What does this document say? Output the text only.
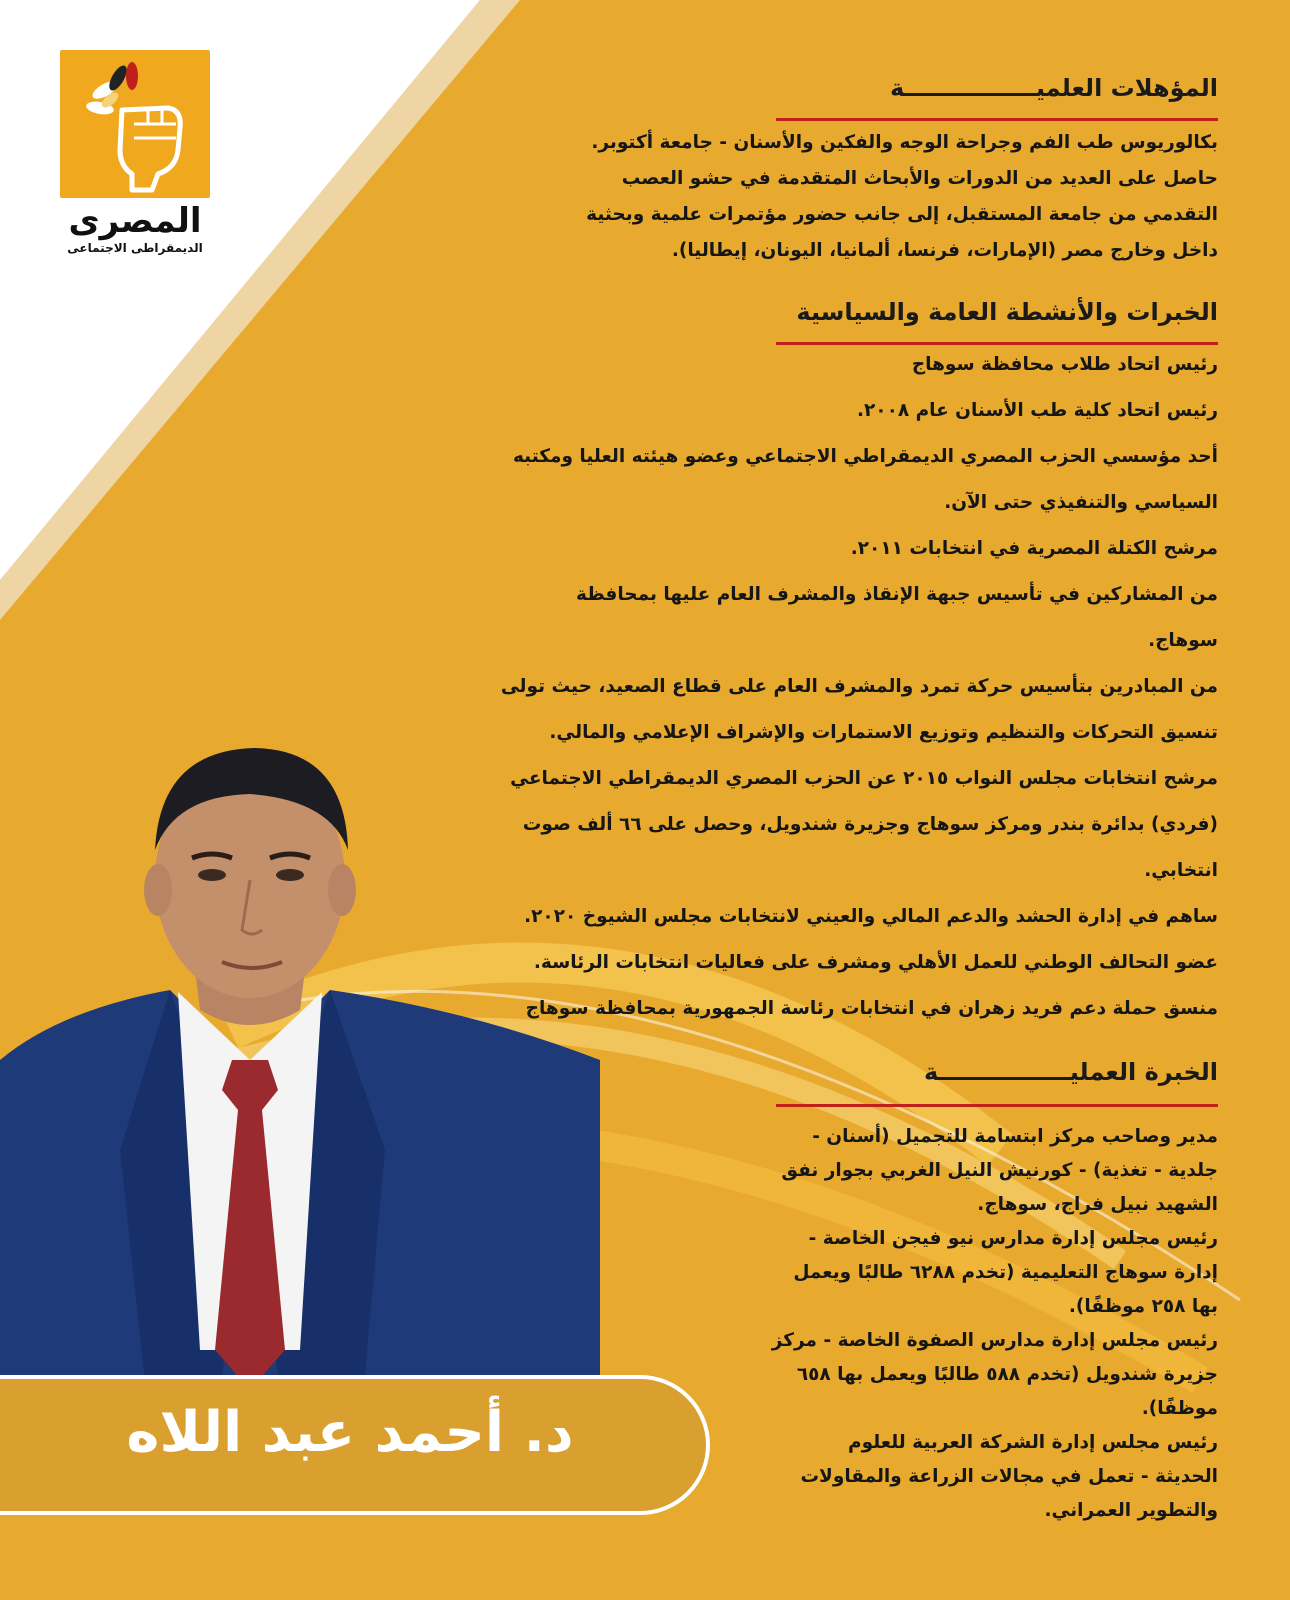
المصرى
الديمقراطى الاجتماعى
المؤهلات العلميــــــــــــــــة
بكالوريوس طب الفم وجراحة الوجه والفكين والأسنان - جامعة أكتوبر.
حاصل على العديد من الدورات والأبحاث المتقدمة في حشو العصب
التقدمي من جامعة المستقبل، إلى جانب حضور مؤتمرات علمية وبحثية
داخل وخارج مصر (الإمارات، فرنسا، ألمانيا، اليونان، إيطاليا).
الخبرات والأنشطة العامة والسياسية
رئيس اتحاد طلاب محافظة سوهاج
رئيس اتحاد كلية طب الأسنان عام ٢٠٠٨.
أحد مؤسسي الحزب المصري الديمقراطي الاجتماعي وعضو هيئته العليا ومكتبه
السياسي والتنفيذي حتى الآن.
مرشح الكتلة المصرية في انتخابات ٢٠١١.
من المشاركين في تأسيس جبهة الإنقاذ والمشرف العام عليها بمحافظة
سوهاج.
من المبادرين بتأسيس حركة تمرد والمشرف العام على قطاع الصعيد، حيث تولى
تنسيق التحركات والتنظيم وتوزيع الاستمارات والإشراف الإعلامي والمالي.
مرشح انتخابات مجلس النواب ٢٠١٥ عن الحزب المصري الديمقراطي الاجتماعي
(فردي) بدائرة بندر ومركز سوهاج وجزيرة شندويل، وحصل على ٦٦ ألف صوت
انتخابي.
ساهم في إدارة الحشد والدعم المالي والعيني لانتخابات مجلس الشيوخ ٢٠٢٠.
عضو التحالف الوطني للعمل الأهلي ومشرف على فعاليات انتخابات الرئاسة.
منسق حملة دعم فريد زهران في انتخابات رئاسة الجمهورية بمحافظة سوهاج
الخبرة العمليــــــــــــــــة
مدير وصاحب مركز ابتسامة للتجميل (أسنان -
جلدية - تغذية) - كورنيش النيل الغربي بجوار نفق
الشهيد نبيل فراج، سوهاج.
رئيس مجلس إدارة مدارس نيو فيجن الخاصة -
إدارة سوهاج التعليمية (تخدم ٦٢٨٨ طالبًا ويعمل
بها ٢٥٨ موظفًا).
رئيس مجلس إدارة مدارس الصفوة الخاصة - مركز
جزيرة شندويل (تخدم ٥٨٨ طالبًا ويعمل بها ٦٥٨
موظفًا).
رئيس مجلس إدارة الشركة العربية للعلوم
الحديثة - تعمل في مجالات الزراعة والمقاولات
والتطوير العمراني.
د. أحمد عبد اللاه
